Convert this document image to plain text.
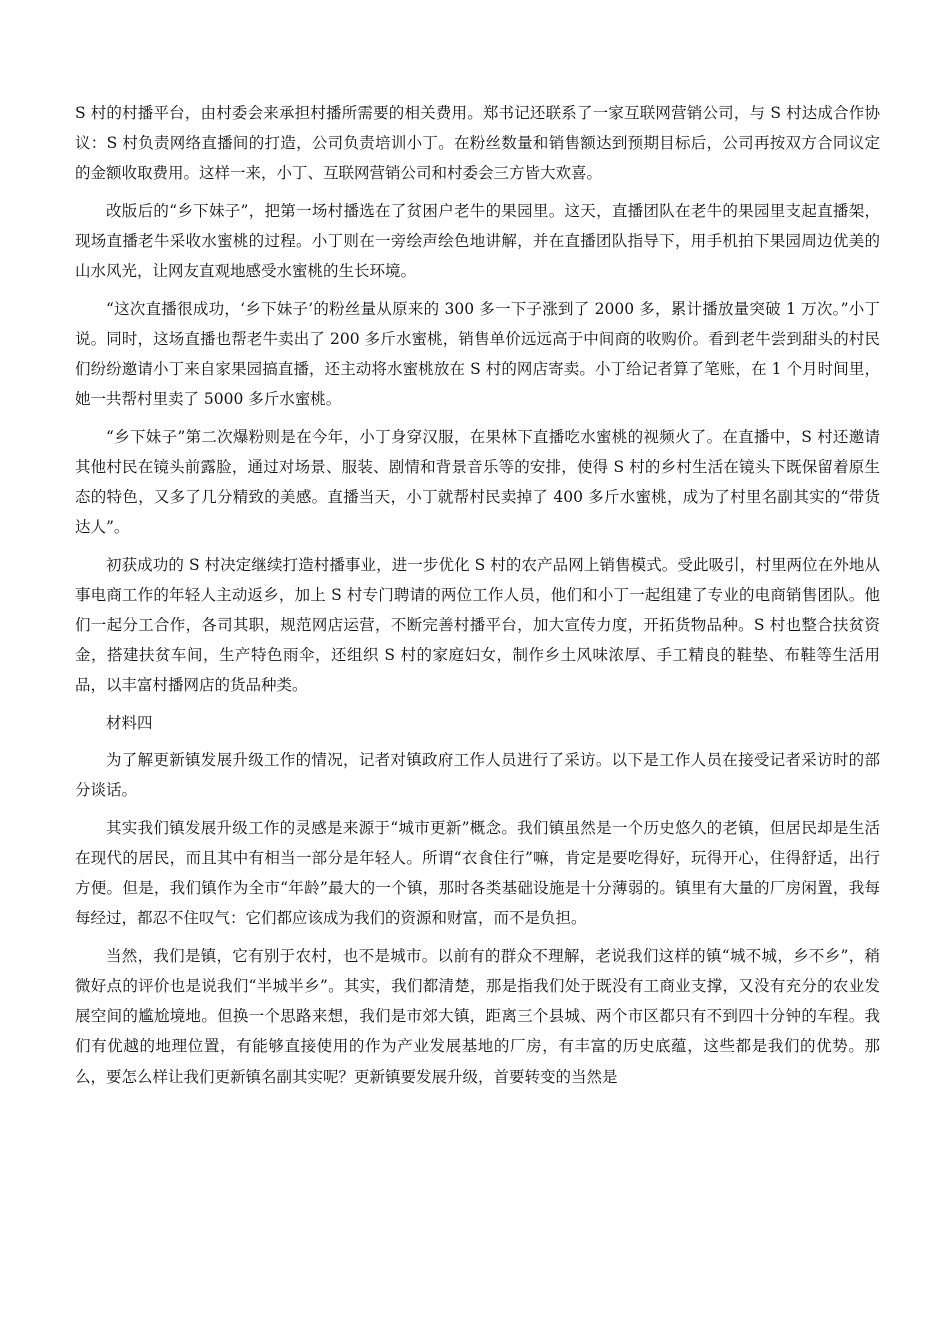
S 村的村播平台，由村委会来承担村播所需要的相关费用。郑书记还联系了一家互联网营销公司，与 S 村达成合作协议：S 村负责网络直播间的打造，公司负责培训小丁。在粉丝数量和销售额达到预期目标后，公司再按双方合同议定的金额收取费用。这样一来，小丁、互联网营销公司和村委会三方皆大欢喜。

改版后的“乡下妹子”，把第一场村播选在了贫困户老牛的果园里。这天，直播团队在老牛的果园里支起直播架，现场直播老牛采收水蜜桃的过程。小丁则在一旁绘声绘色地讲解，并在直播团队指导下，用手机拍下果园周边优美的山水风光，让网友直观地感受水蜜桃的生长环境。

“这次直播很成功，‘乡下妹子’的粉丝量从原来的 300 多一下子涨到了 2000 多，累计播放量突破 1 万次。”小丁说。同时，这场直播也帮老牛卖出了 200 多斤水蜜桃，销售单价远远高于中间商的收购价。看到老牛尝到甜头的村民们纷纷邀请小丁来自家果园搞直播，还主动将水蜜桃放在 S 村的网店寄卖。小丁给记者算了笔账，在 1 个月时间里，她一共帮村里卖了 5000 多斤水蜜桃。

“乡下妹子”第二次爆粉则是在今年，小丁身穿汉服，在果林下直播吃水蜜桃的视频火了。在直播中，S 村还邀请其他村民在镜头前露脸，通过对场景、服装、剧情和背景音乐等的安排，使得 S 村的乡村生活在镜头下既保留着原生态的特色，又多了几分精致的美感。直播当天，小丁就帮村民卖掉了 400 多斤水蜜桃，成为了村里名副其实的“带货达人”。

初获成功的 S 村决定继续打造村播事业，进一步优化 S 村的农产品网上销售模式。受此吸引，村里两位在外地从事电商工作的年轻人主动返乡，加上 S 村专门聘请的两位工作人员，他们和小丁一起组建了专业的电商销售团队。他们一起分工合作，各司其职，规范网店运营，不断完善村播平台，加大宣传力度，开拓货物品种。S 村也整合扶贫资金，搭建扶贫车间，生产特色雨伞，还组织 S 村的家庭妇女，制作乡土风味浓厚、手工精良的鞋垫、布鞋等生活用品，以丰富村播网店的货品种类。

材料四

为了解更新镇发展升级工作的情况，记者对镇政府工作人员进行了采访。以下是工作人员在接受记者采访时的部分谈话。

其实我们镇发展升级工作的灵感是来源于“城市更新”概念。我们镇虽然是一个历史悠久的老镇，但居民却是生活在现代的居民，而且其中有相当一部分是年轻人。所谓“衣食住行”嘛，肯定是要吃得好，玩得开心，住得舒适，出行方便。但是，我们镇作为全市“年龄”最大的一个镇，那时各类基础设施是十分薄弱的。镇里有大量的厂房闲置，我每每经过，都忍不住叹气：它们都应该成为我们的资源和财富，而不是负担。

当然，我们是镇，它有别于农村，也不是城市。以前有的群众不理解，老说我们这样的镇“城不城，乡不乡”，稍微好点的评价也是说我们“半城半乡”。其实，我们都清楚，那是指我们处于既没有工商业支撑，又没有充分的农业发展空间的尴尬境地。但换一个思路来想，我们是市郊大镇，距离三个县城、两个市区都只有不到四十分钟的车程。我们有优越的地理位置，有能够直接使用的作为产业发展基地的厂房，有丰富的历史底蕴，这些都是我们的优势。那么，要怎么样让我们更新镇名副其实呢？更新镇要发展升级，首要转变的当然是
